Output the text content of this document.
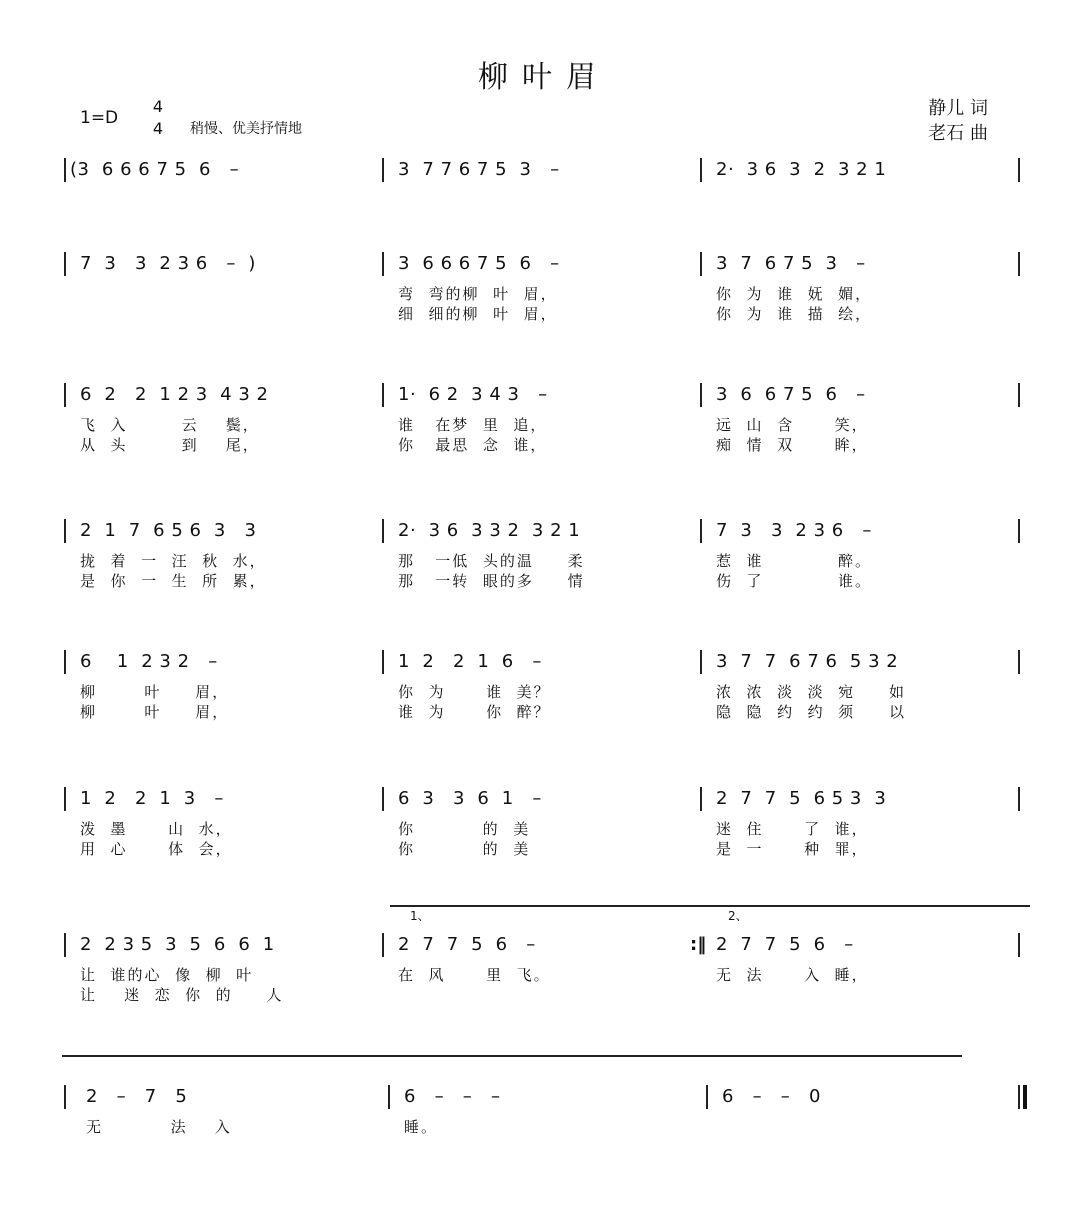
柳叶眉
1=D
4
4 稍慢、优美抒情地
静儿 词
老石 曲
(3  6 6 6 7 5  6   –	3  7 7 6 7 5  3   –	2·  3 6  3  2  3 2 1
7  3   3  2 3 6   –  )	3  6 6 6 7 5  6   –
弯  弯的柳  叶  眉，
细  细的柳  叶  眉，
3  7  6 7 5  3   –
你  为  谁  妩  媚，
你  为  谁  描  绘，
6  2   2  1 2 3  4 3 2
飞  入        云    鬓，
从  头        到    尾，
1·  6 2  3 4 3   –
谁   在梦  里  追，
你   最思  念  谁，
3  6  6 7 5  6   –
远  山  含      笑，
痴  情  双      眸，
2  1  7  6 5 6  3   3
拢  着  一  汪  秋  水，
是  你  一  生  所  累，
2·  3 6  3 3 2  3 2 1
那   一低  头的温     柔
那   一转  眼的多     情
7  3   3  2 3 6   –
惹  谁           醉。
伤  了           谁。
6    1  2 3 2   –
柳       叶     眉，
柳       叶     眉，
1  2   2  1  6   –
你  为      谁  美？
谁  为      你  醉？
3  7  7  6 7 6  5 3 2
浓  浓  淡  淡  宛     如
隐  隐  约  约  须     以
1  2   2  1  3   –
泼  墨      山  水，
用  心      体  会，
6  3   3  6  1   –
你          的  美
你          的  美
2  7  7  5  6 5 3  3
迷  住      了  谁，
是  一      种  罪，
1、	2、
2  2 3 5  3  5  6  6  1
让  谁的心  像  柳  叶
让    迷  恋  你  的     人
2  7  7  5  6   –
在  风      里  飞。
:‖ 2  7  7  5  6   –
无  法      入  睡，
2   –   7   5
无          法    入
6   –   –   –
睡。
6   –   –   0
